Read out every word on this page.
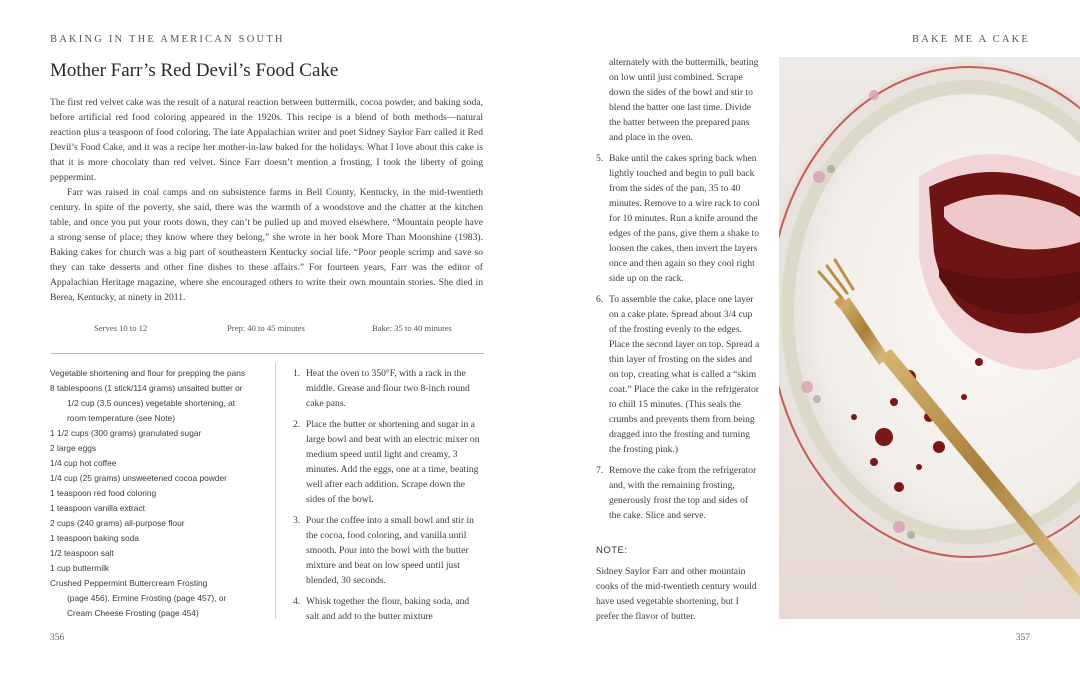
BAKING IN THE AMERICAN SOUTH	BAKE ME A CAKE
Mother Farr’s Red Devil’s Food Cake

The first red velvet cake was the result of a natural reaction between buttermilk, cocoa powder, and baking soda, before artificial red food coloring appeared in the 1920s. This recipe is a blend of both methods—natural reaction plus a teaspoon of food coloring. The late Appalachian writer and poet Sidney Saylor Farr called it Red Devil’s Food Cake, and it was a recipe her mother-in-law baked for the holidays. What I love about this cake is that it is more chocolaty than red velvet. Since Farr doesn’t mention a frosting, I took the liberty of going peppermint.

Farr was raised in coal camps and on subsistence farms in Bell County, Kentucky, in the mid-twentieth century. In spite of the poverty, she said, there was the warmth of a woodstove and the chatter at the kitchen table, and once you put your roots down, they can’t be pulled up and moved elsewhere. “Mountain people have a strong sense of place; they know where they belong,” she wrote in her book More Than Moonshine (1983). Baking cakes for church was a big part of southeastern Kentucky social life. “Poor people scrimp and save so they can take desserts and other fine dishes to these affairs.” For fourteen years, Farr was the editor of Appalachian Heritage magazine, where she encouraged others to write their own mountain stories. She died in Berea, Kentucky, at ninety in 2011.

Serves 10 to 12	Prep: 40 to 45 minutes	Bake: 35 to 40 minutes
Vegetable shortening and flour for prepping the pans
8 tablespoons (1 stick/114 grams) unsalted butter or
1/2 cup (3.5 ounces) vegetable shortening, at
room temperature (see Note)
1 1/2 cups (300 grams) granulated sugar
2 large eggs
1/4 cup hot coffee
1/4 cup (25 grams) unsweetened cocoa powder
1 teaspoon red food coloring
1 teaspoon vanilla extract
2 cups (240 grams) all-purpose flour
1 teaspoon baking soda
1/2 teaspoon salt
1 cup buttermilk
Crushed Peppermint Buttercream Frosting
(page 456), Ermine Frosting (page 457), or
Cream Cheese Frosting (page 454)
1. Heat the oven to 350°F, with a rack in the middle. Grease and flour two 8-inch round cake pans.
2. Place the butter or shortening and sugar in a large bowl and beat with an electric mixer on medium speed until light and creamy, 3 minutes. Add the eggs, one at a time, beating well after each addition. Scrape down the sides of the bowl.
3. Pour the coffee into a small bowl and stir in the cocoa, food coloring, and vanilla until smooth. Pour into the bowl with the butter mixture and beat on low speed until just blended, 30 seconds.
4. Whisk together the flour, baking soda, and salt and add to the butter mixture
alternately with the buttermilk, beating on low until just combined. Scrape down the sides of the bowl and stir to blend the batter one last time. Divide the batter between the prepared pans and place in the oven.
5. Bake until the cakes spring back when lightly touched and begin to pull back from the sides of the pan, 35 to 40 minutes. Remove to a wire rack to cool for 10 minutes. Run a knife around the edges of the pans, give them a shake to loosen the cakes, then invert the layers once and then again so they cool right side up on the rack.
6. To assemble the cake, place one layer on a cake plate. Spread about 3/4 cup of the frosting evenly to the edges. Place the second layer on top. Spread a thin layer of frosting on the sides and on top, creating what is called a “skim coat.” Place the cake in the refrigerator to chill 15 minutes. (This seals the crumbs and prevents them from being dragged into the frosting and turning the frosting pink.)
7. Remove the cake from the refrigerator and, with the remaining frosting, generously frost the top and sides of the cake. Slice and serve.
NOTE:
Sidney Saylor Farr and other mountain cooks of the mid-twentieth century would have used vegetable shortening, but I prefer the flavor of butter.
356	357
